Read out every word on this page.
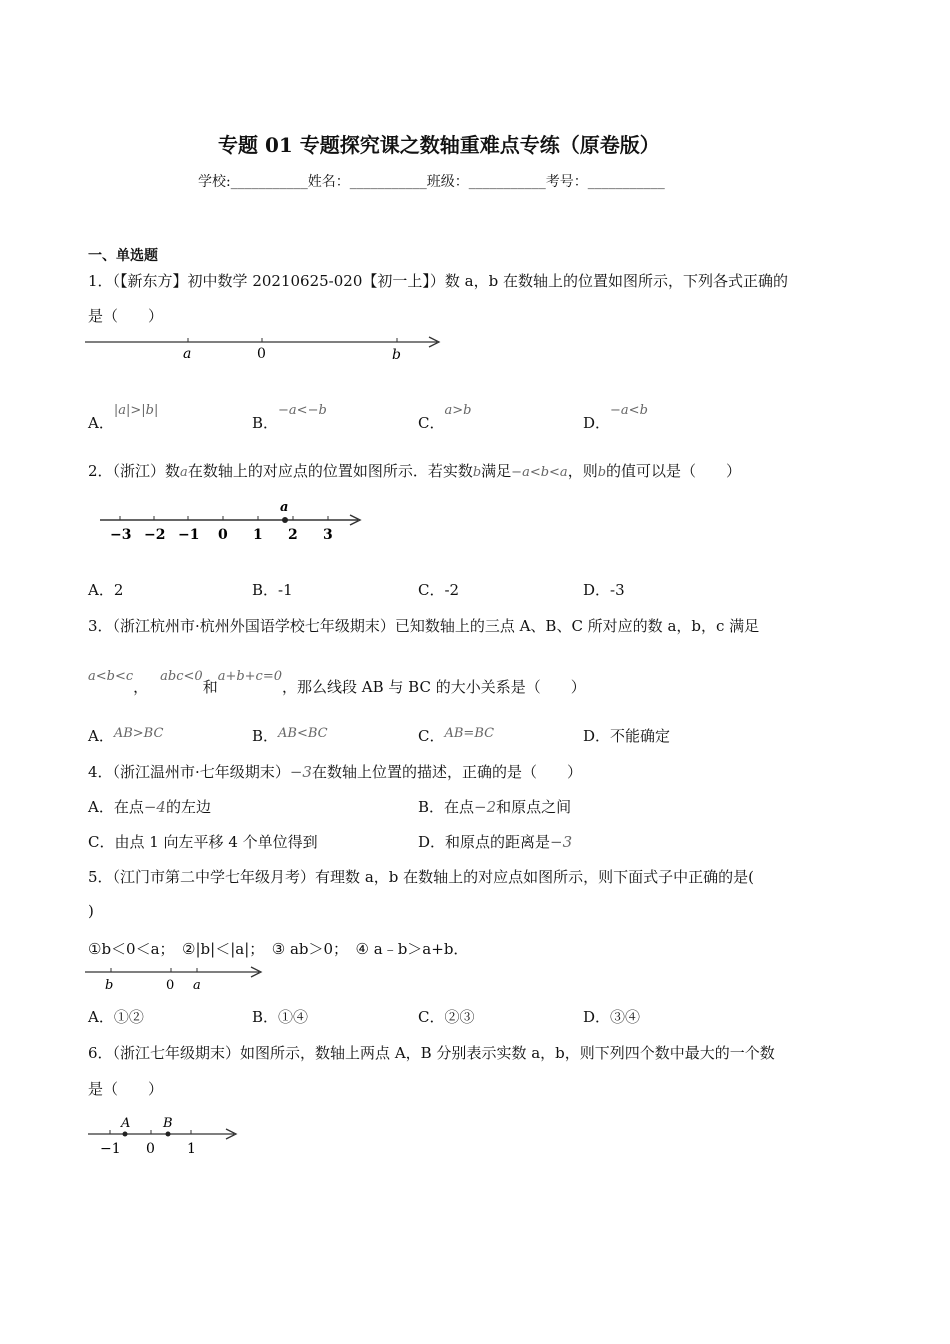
专题 01 专题探究课之数轴重难点专练（原卷版）
学校:___________姓名：___________班级：___________考号：___________
一、单选题
1．（【新东方】初中数学 20210625-020【初一上】）数 a，b 在数轴上的位置如图所示，下列各式正确的
是（　　）
a	0	b
A．|a|>|b|
B．−a<−b
C．a>b
D．−a<b
2．（浙江）数a在数轴上的对应点的位置如图所示．若实数b满足−a<b<a，则b的值可以是（　　）
a
−3 −2 −1 0 1 2 3
A．2	B．-1	C．-2	D．-3
3．（浙江杭州市·杭州外国语学校七年级期末）已知数轴上的三点 A、B、C 所对应的数 a，b，c 满足
a<b<c，abc<0和a+b+c=0，那么线段 AB 与 BC 的大小关系是（　　）
A．AB>BC	B．AB<BC	C．AB=BC	D．不能确定
4．（浙江温州市·七年级期末）−3在数轴上位置的描述，正确的是（　　）
A．在点−4的左边	B．在点−2和原点之间
C．由点 1 向左平移 4 个单位得到	D．和原点的距离是−3
5．（江门市第二中学七年级月考）有理数 a，b 在数轴上的对应点如图所示，则下面式子中正确的是(
)
①b＜0＜a；　②|b|＜|a|；　③ ab＞0；　④ a﹣b＞a+b．
b	0 a
A．①②	B．①④	C．②③	D．③④
6．（浙江七年级期末）如图所示，数轴上两点 A，B 分别表示实数 a，b，则下列四个数中最大的一个数
是（　　）
A	B
−1 0 1
